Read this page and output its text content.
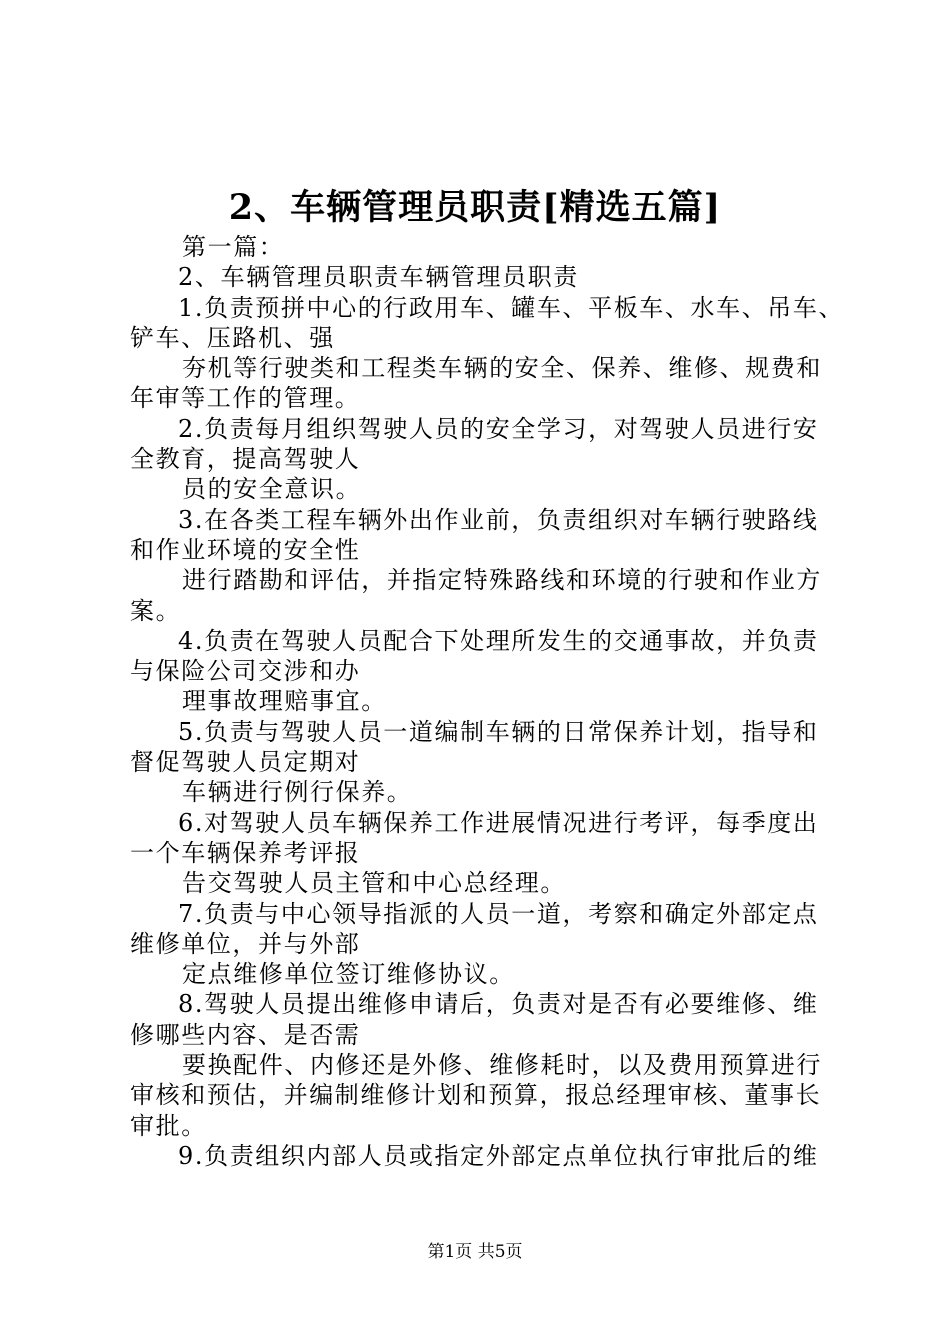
2、车辆管理员职责[精选五篇]
第一篇：
2、车辆管理员职责车辆管理员职责
1.负责预拼中心的行政用车、罐车、平板车、水车、吊车、
铲车、压路机、强
夯机等行驶类和工程类车辆的安全、保养、维修、规费和
年审等工作的管理。
2.负责每月组织驾驶人员的安全学习，对驾驶人员进行安
全教育，提高驾驶人
员的安全意识。
3.在各类工程车辆外出作业前，负责组织对车辆行驶路线
和作业环境的安全性
进行踏勘和评估，并指定特殊路线和环境的行驶和作业方
案。
4.负责在驾驶人员配合下处理所发生的交通事故，并负责
与保险公司交涉和办
理事故理赔事宜。
5.负责与驾驶人员一道编制车辆的日常保养计划，指导和
督促驾驶人员定期对
车辆进行例行保养。
6.对驾驶人员车辆保养工作进展情况进行考评，每季度出
一个车辆保养考评报
告交驾驶人员主管和中心总经理。
7.负责与中心领导指派的人员一道，考察和确定外部定点
维修单位，并与外部
定点维修单位签订维修协议。
8.驾驶人员提出维修申请后，负责对是否有必要维修、维
修哪些内容、是否需
要换配件、内修还是外修、维修耗时，以及费用预算进行
审核和预估，并编制维修计划和预算，报总经理审核、董事长
审批。
9.负责组织内部人员或指定外部定点单位执行审批后的维
第1页 共5页
